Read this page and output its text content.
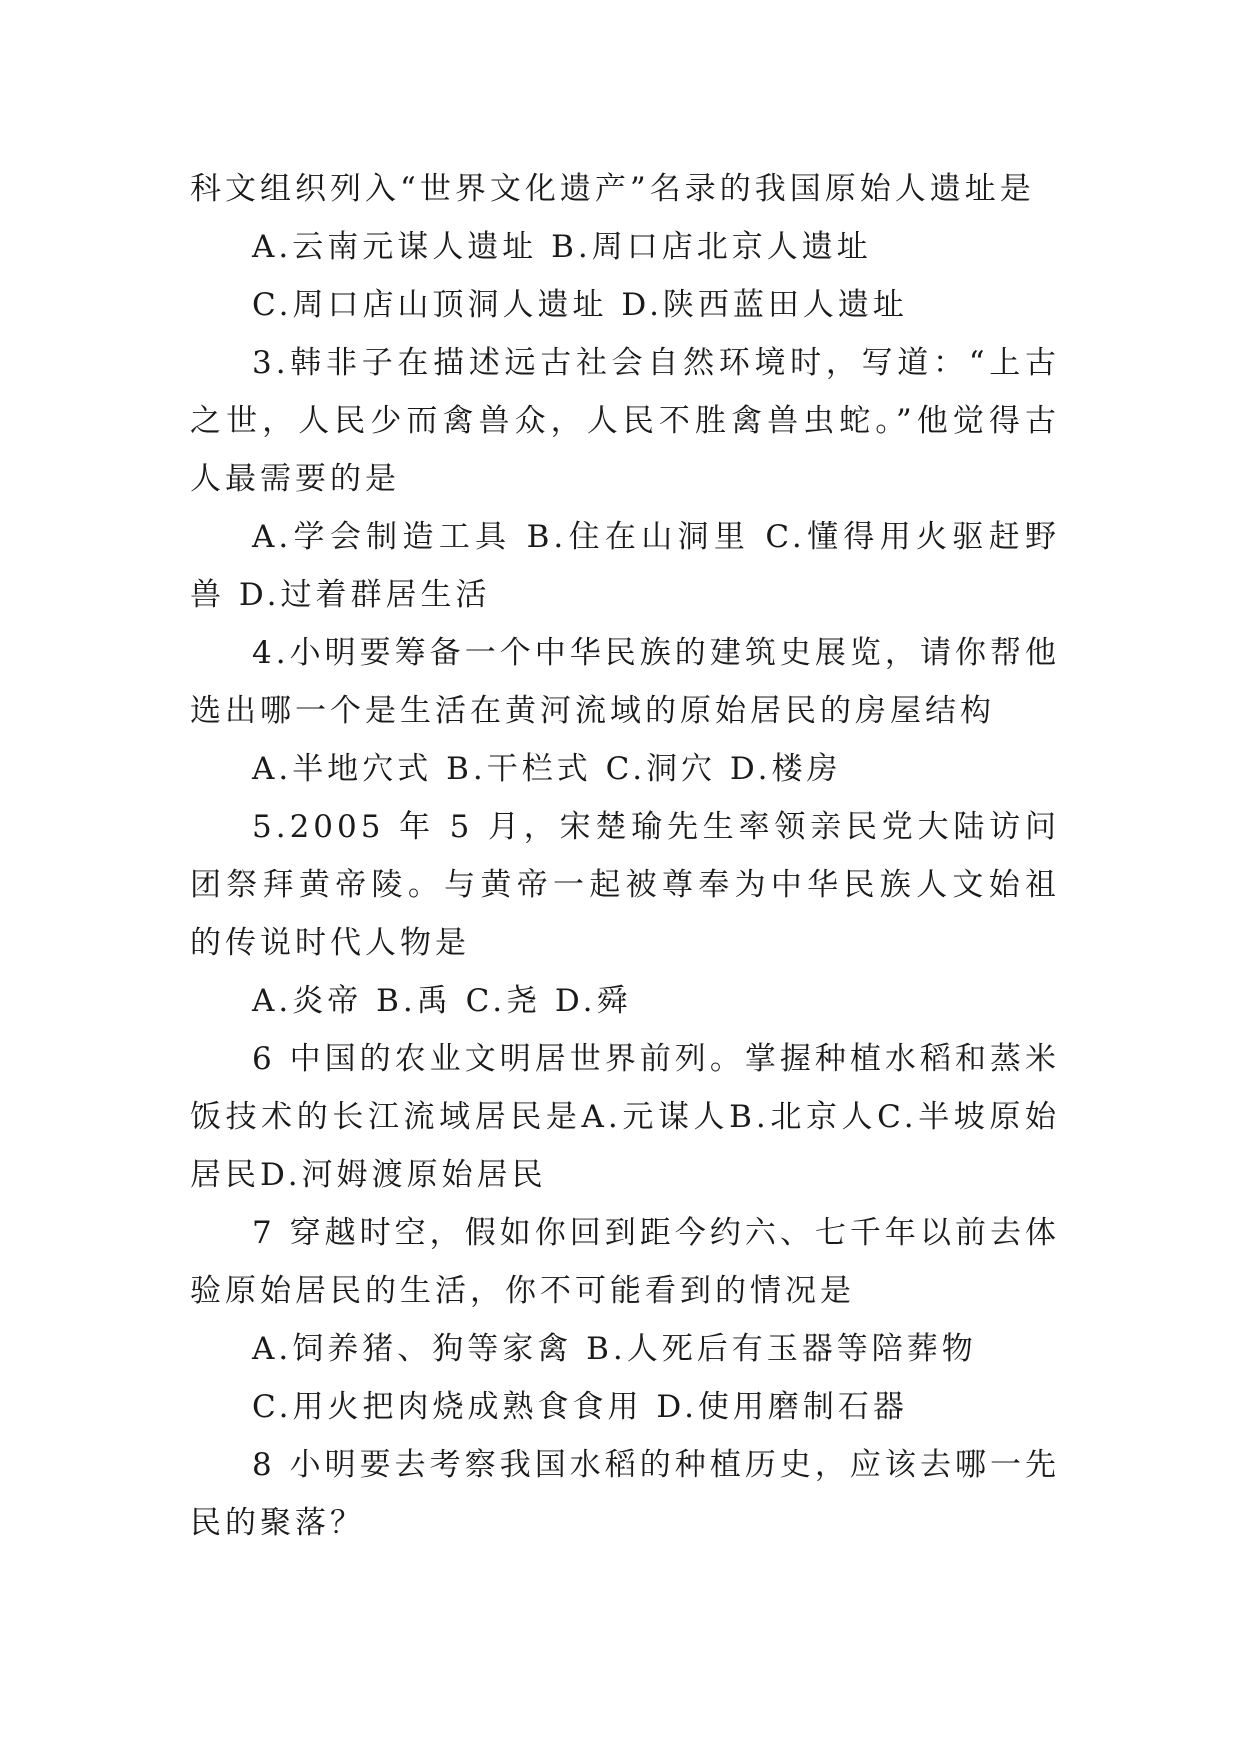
科文组织列入“世界文化遗产”名录的我国原始人遗址是

A.云南元谋人遗址 B.周口店北京人遗址

C.周口店山顶洞人遗址 D.陕西蓝田人遗址

3.韩非子在描述远古社会自然环境时，写道：“上古之世，人民少而禽兽众，人民不胜禽兽虫蛇。”他觉得古人最需要的是

A.学会制造工具 B.住在山洞里 C.懂得用火驱赶野兽 D.过着群居生活

4.小明要筹备一个中华民族的建筑史展览，请你帮他选出哪一个是生活在黄河流域的原始居民的房屋结构

A.半地穴式 B.干栏式 C.洞穴 D.楼房

5.2005 年 5 月，宋楚瑜先生率领亲民党大陆访问团祭拜黄帝陵。与黄帝一起被尊奉为中华民族人文始祖的传说时代人物是

A.炎帝 B.禹 C.尧 D.舜

6 中国的农业文明居世界前列。掌握种植水稻和蒸米饭技术的长江流域居民是A.元谋人B.北京人C.半坡原始居民D.河姆渡原始居民

7 穿越时空，假如你回到距今约六、七千年以前去体验原始居民的生活，你不可能看到的情况是

A.饲养猪、狗等家禽 B.人死后有玉器等陪葬物

C.用火把肉烧成熟食食用 D.使用磨制石器

8 小明要去考察我国水稻的种植历史，应该去哪一先民的聚落？
